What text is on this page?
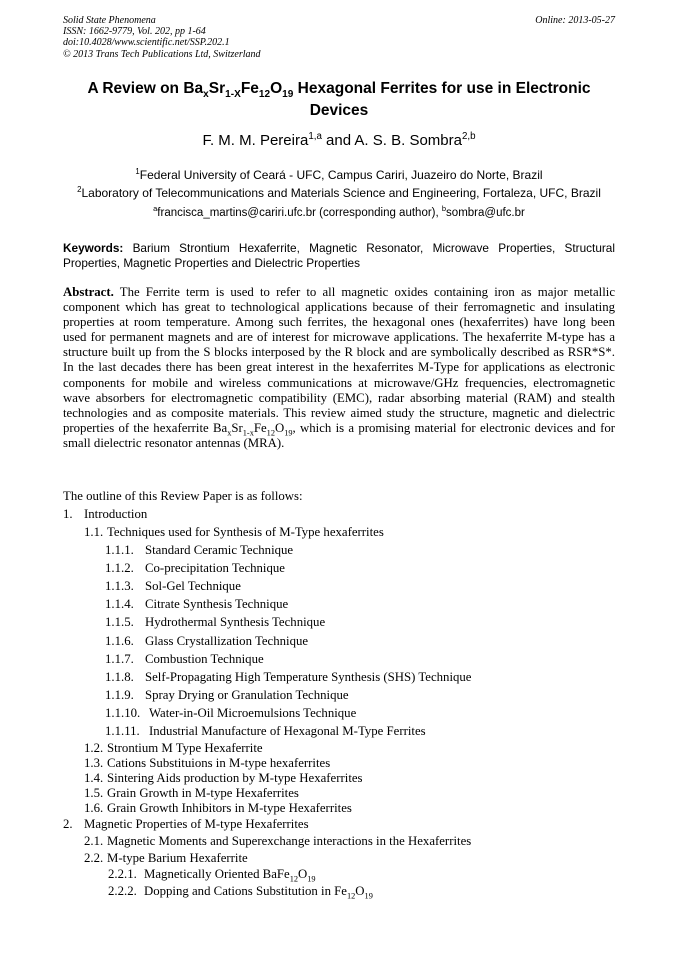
Solid State Phenomena
ISSN: 1662-9779, Vol. 202, pp 1-64
doi:10.4028/www.scientific.net/SSP.202.1
© 2013 Trans Tech Publications Ltd, Switzerland
Online: 2013-05-27
A Review on $Ba_xSr_{1-X}Fe_{12}O_{19}$ Hexagonal Ferrites for use in Electronic Devices
F. M. M. Pereira$^{1,a}$ and A. S. B. Sombra$^{2,b}$
$^1$Federal University of Ceará - UFC, Campus Cariri, Juazeiro do Norte, Brazil
$^2$Laboratory of Telecommunications and Materials Science and Engineering, Fortaleza, UFC, Brazil
$^a$francisca_martins@cariri.ufc.br (corresponding author), $^b$sombra@ufc.br
Keywords: Barium Strontium Hexaferrite, Magnetic Resonator, Microwave Properties, Structural Properties, Magnetic Properties and Dielectric Properties
Abstract. The Ferrite term is used to refer to all magnetic oxides containing iron as major metallic component which has great to technological applications because of their ferromagnetic and insulating properties at room temperature. Among such ferrites, the hexagonal ones (hexaferrites) have long been used for permanent magnets and are of interest for microwave applications. The hexaferrite M-type has a structure built up from the S blocks interposed by the R block and are symbolically described as RSR*S*. In the last decades there has been great interest in the hexaferrites M-Type for applications as electronic components for mobile and wireless communications at microwave/GHz frequencies, electromagnetic wave absorbers for electromagnetic compatibility (EMC), radar absorbing material (RAM) and stealth technologies and as composite materials. This review aimed study the structure, magnetic and dielectric properties of the hexaferrite $Ba_xSr_{1-x}Fe_{12}O_{19}$, which is a promising material for electronic devices and for small dielectric resonator antennas (MRA).
The outline of this Review Paper is as follows:
1. Introduction
1.1. Techniques used for Synthesis of M-Type hexaferrites
1.1.1. Standard Ceramic Technique
1.1.2. Co-precipitation Technique
1.1.3. Sol-Gel Technique
1.1.4. Citrate Synthesis Technique
1.1.5. Hydrothermal Synthesis Technique
1.1.6. Glass Crystallization Technique
1.1.7. Combustion Technique
1.1.8. Self-Propagating High Temperature Synthesis (SHS) Technique
1.1.9. Spray Drying or Granulation Technique
1.1.10. Water-in-Oil Microemulsions Technique
1.1.11. Industrial Manufacture of Hexagonal M-Type Ferrites
1.2. Strontium M Type Hexaferrite
1.3. Cations Substituions in M-type hexaferrites
1.4. Sintering Aids production by M-type Hexaferrites
1.5. Grain Growth in M-type Hexaferrites
1.6. Grain Growth Inhibitors in M-type Hexaferrites
2. Magnetic Properties of M-type Hexaferrites
2.1. Magnetic Moments and Superexchange interactions in the Hexaferrites
2.2. M-type Barium Hexaferrite
2.2.1. Magnetically Oriented $BaFe_{12}O_{19}$
2.2.2. Dopping and Cations Substitution in $Fe_{12}O_{19}$
